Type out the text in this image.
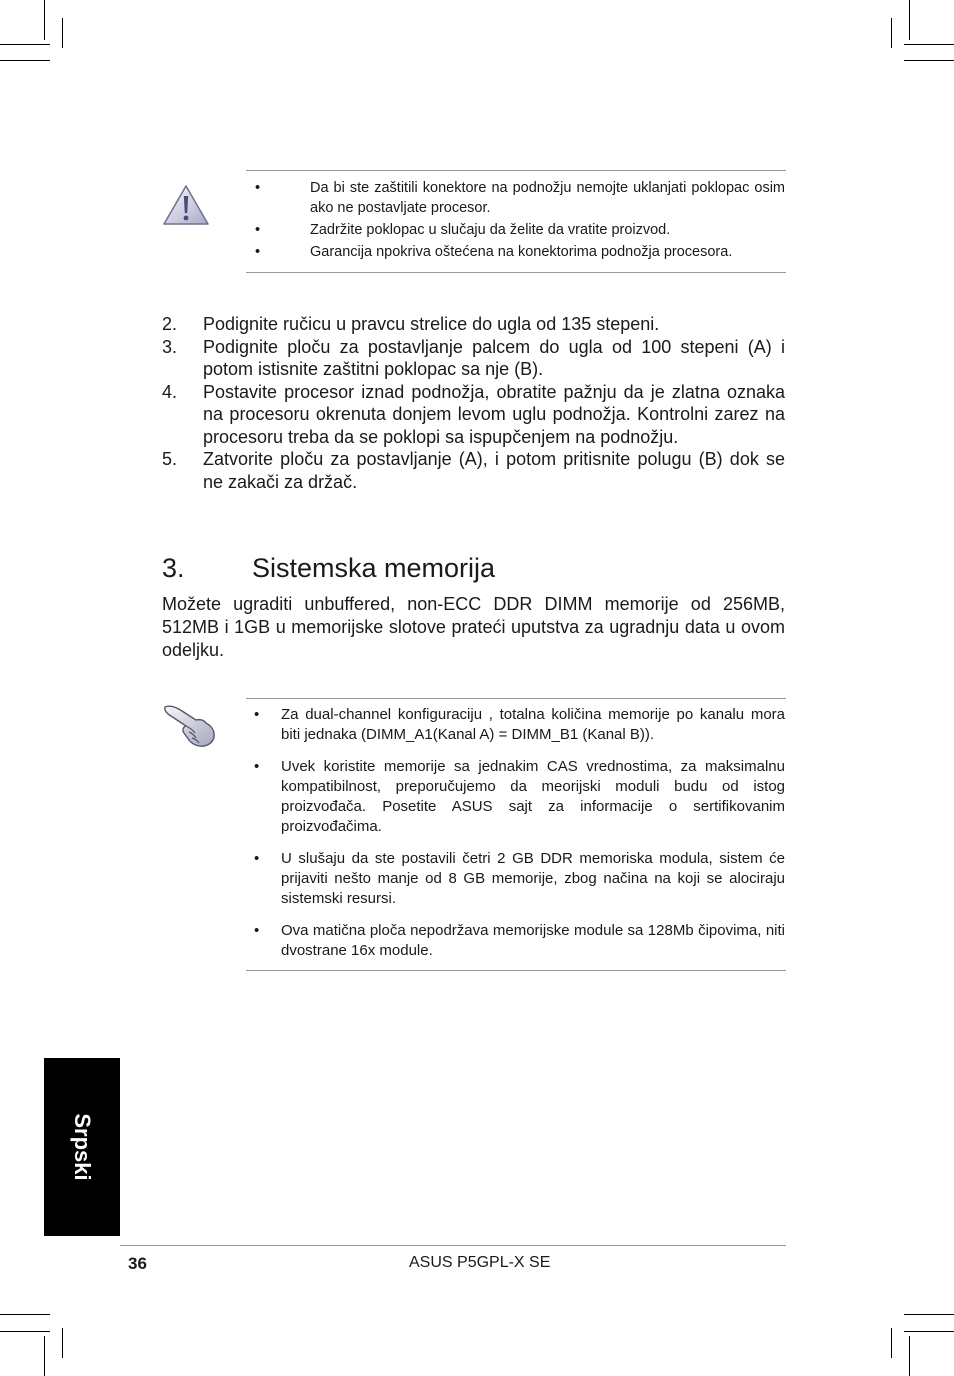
•	Da bi ste zaštitili konektore na podnožju nemojte uklanjati poklopac osim ako ne postavljate procesor.
•	Zadržite poklopac u slučaju da želite da vratite proizvod.
•	Garancija npokriva oštećena na konektorima podnožja procesora.
2. Podignite ručicu u pravcu strelice do ugla od 135 stepeni.
3. Podignite ploču za postavljanje palcem do ugla od 100 stepeni (A) i potom istisnite zaštitni poklopac sa nje (B).
4. Postavite procesor iznad podnožja, obratite pažnju da je zlatna oznaka na procesoru okrenuta donjem levom uglu podnožja. Kontrolni zarez na procesoru treba da se poklopi sa ispupčenjem na podnožju.
5. Zatvorite ploču za postavljanje (A), i potom pritisnite polugu (B) dok se ne zakači za držač.
3. Sistemska memorija

Možete ugraditi unbuffered, non-ECC DDR DIMM memorije od 256MB, 512MB i 1GB u memorijske slotove prateći uputstva za ugradnju data u ovom odeljku.

• Za dual-channel konfiguraciju , totalna količina memorije po kanalu mora biti jednaka (DIMM_A1(Kanal A) = DIMM_B1 (Kanal B)).
• Uvek koristite memorije sa jednakim CAS vrednostima, za maksimalnu kompatibilnost, preporučujemo da meorijski moduli budu od istog proizvođača. Posetite ASUS sajt za informacije o sertifikovanim proizvođačima.
• U slušaju da ste postavili četri 2 GB DDR memoriska modula, sistem će prijaviti nešto manje od 8 GB memorije, zbog načina na koji se alociraju sistemski resursi.
• Ova matična ploča nepodržava memorijske module sa 128Mb čipovima, niti dvostrane 16x module.
Srpski
36	ASUS P5GPL-X SE
